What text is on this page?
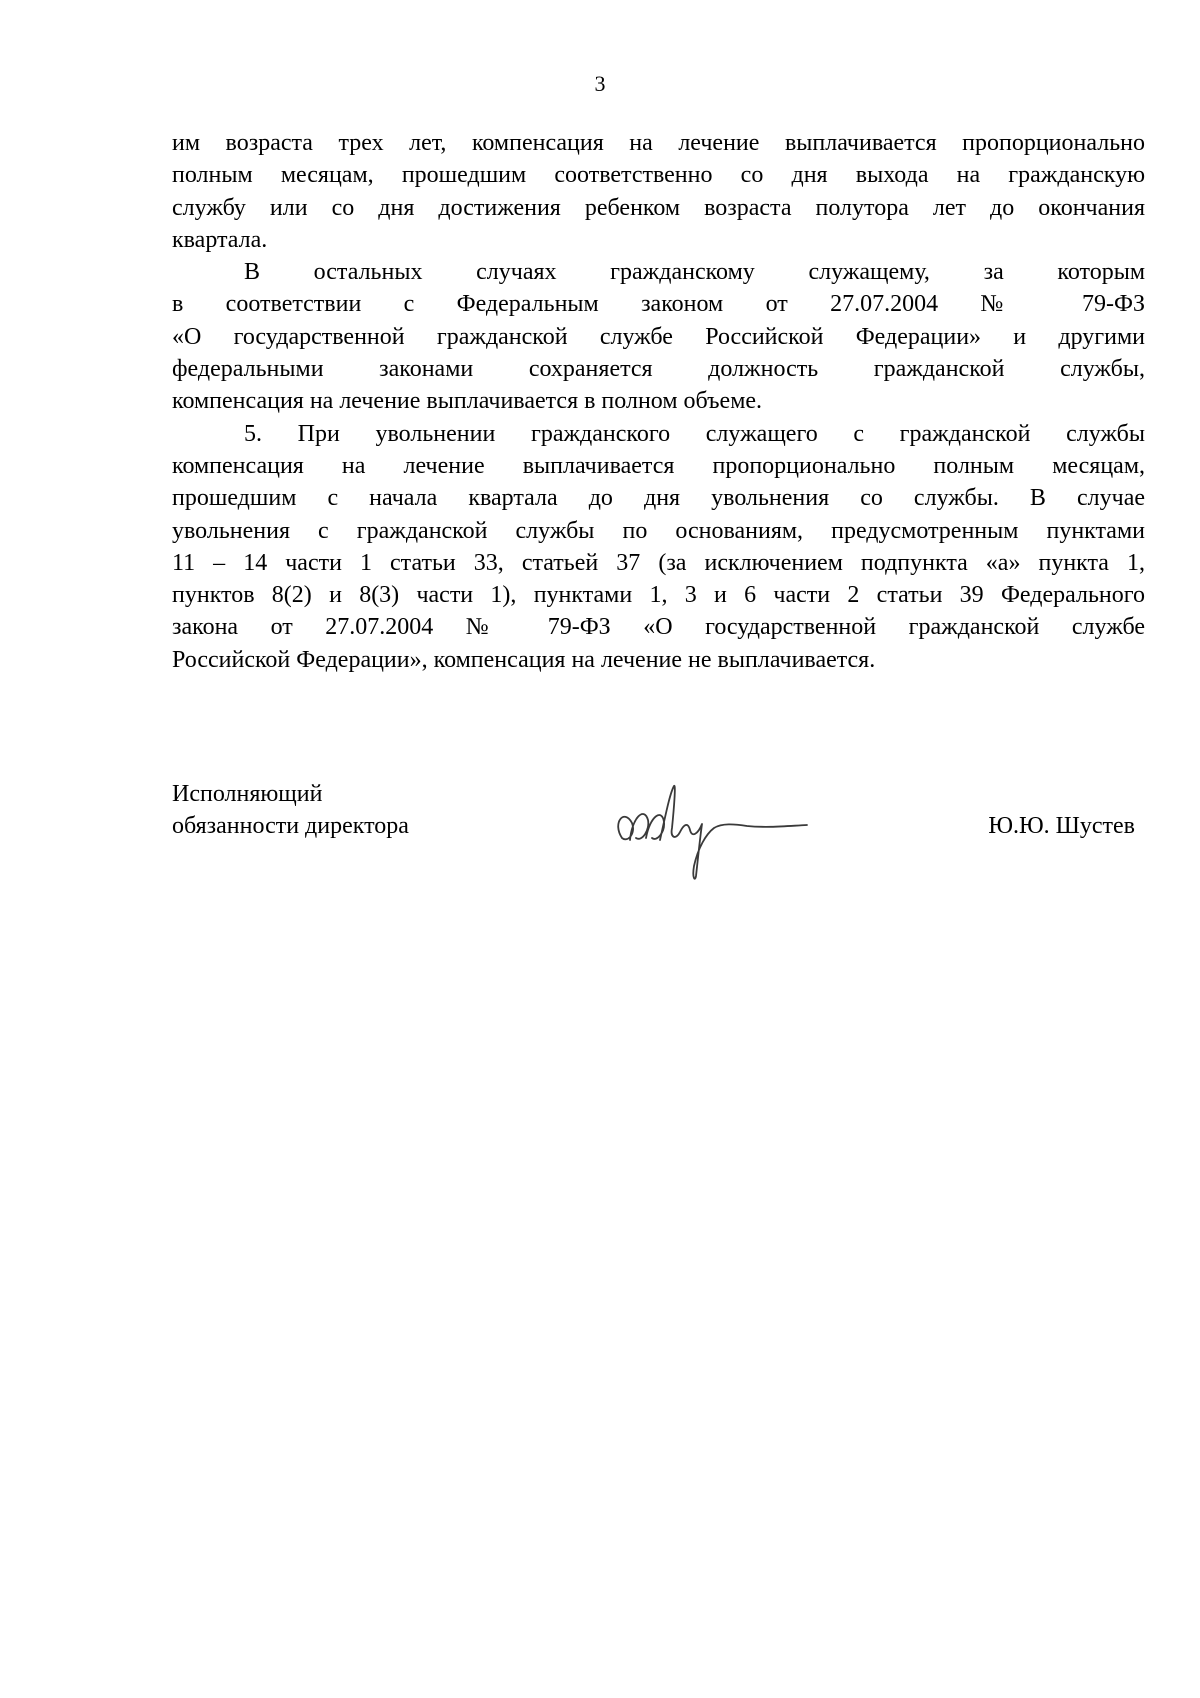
3

им возраста трех лет, компенсация на лечение выплачивается пропорционально
полным месяцам, прошедшим соответственно со дня выхода на гражданскую
службу или со дня достижения ребенком возраста полутора лет до окончания
квартала.

В остальных случаях гражданскому служащему, за которым
в соответствии с Федеральным законом от 27.07.2004 № 79-ФЗ
«О государственной гражданской службе Российской Федерации» и другими
федеральными законами сохраняется должность гражданской службы,
компенсация на лечение выплачивается в полном объеме.

5. При увольнении гражданского служащего с гражданской службы
компенсация на лечение выплачивается пропорционально полным месяцам,
прошедшим с начала квартала до дня увольнения со службы. В случае
увольнения с гражданской службы по основаниям, предусмотренным пунктами
11 – 14 части 1 статьи 33, статьей 37 (за исключением подпункта «а» пункта 1,
пунктов 8(2) и 8(3) части 1), пунктами 1, 3 и 6 части 2 статьи 39 Федерального
закона от 27.07.2004 № 79-ФЗ «О государственной гражданской службе
Российской Федерации», компенсация на лечение не выплачивается.

Исполняющий
обязанности директора	Ю.Ю. Шустев
